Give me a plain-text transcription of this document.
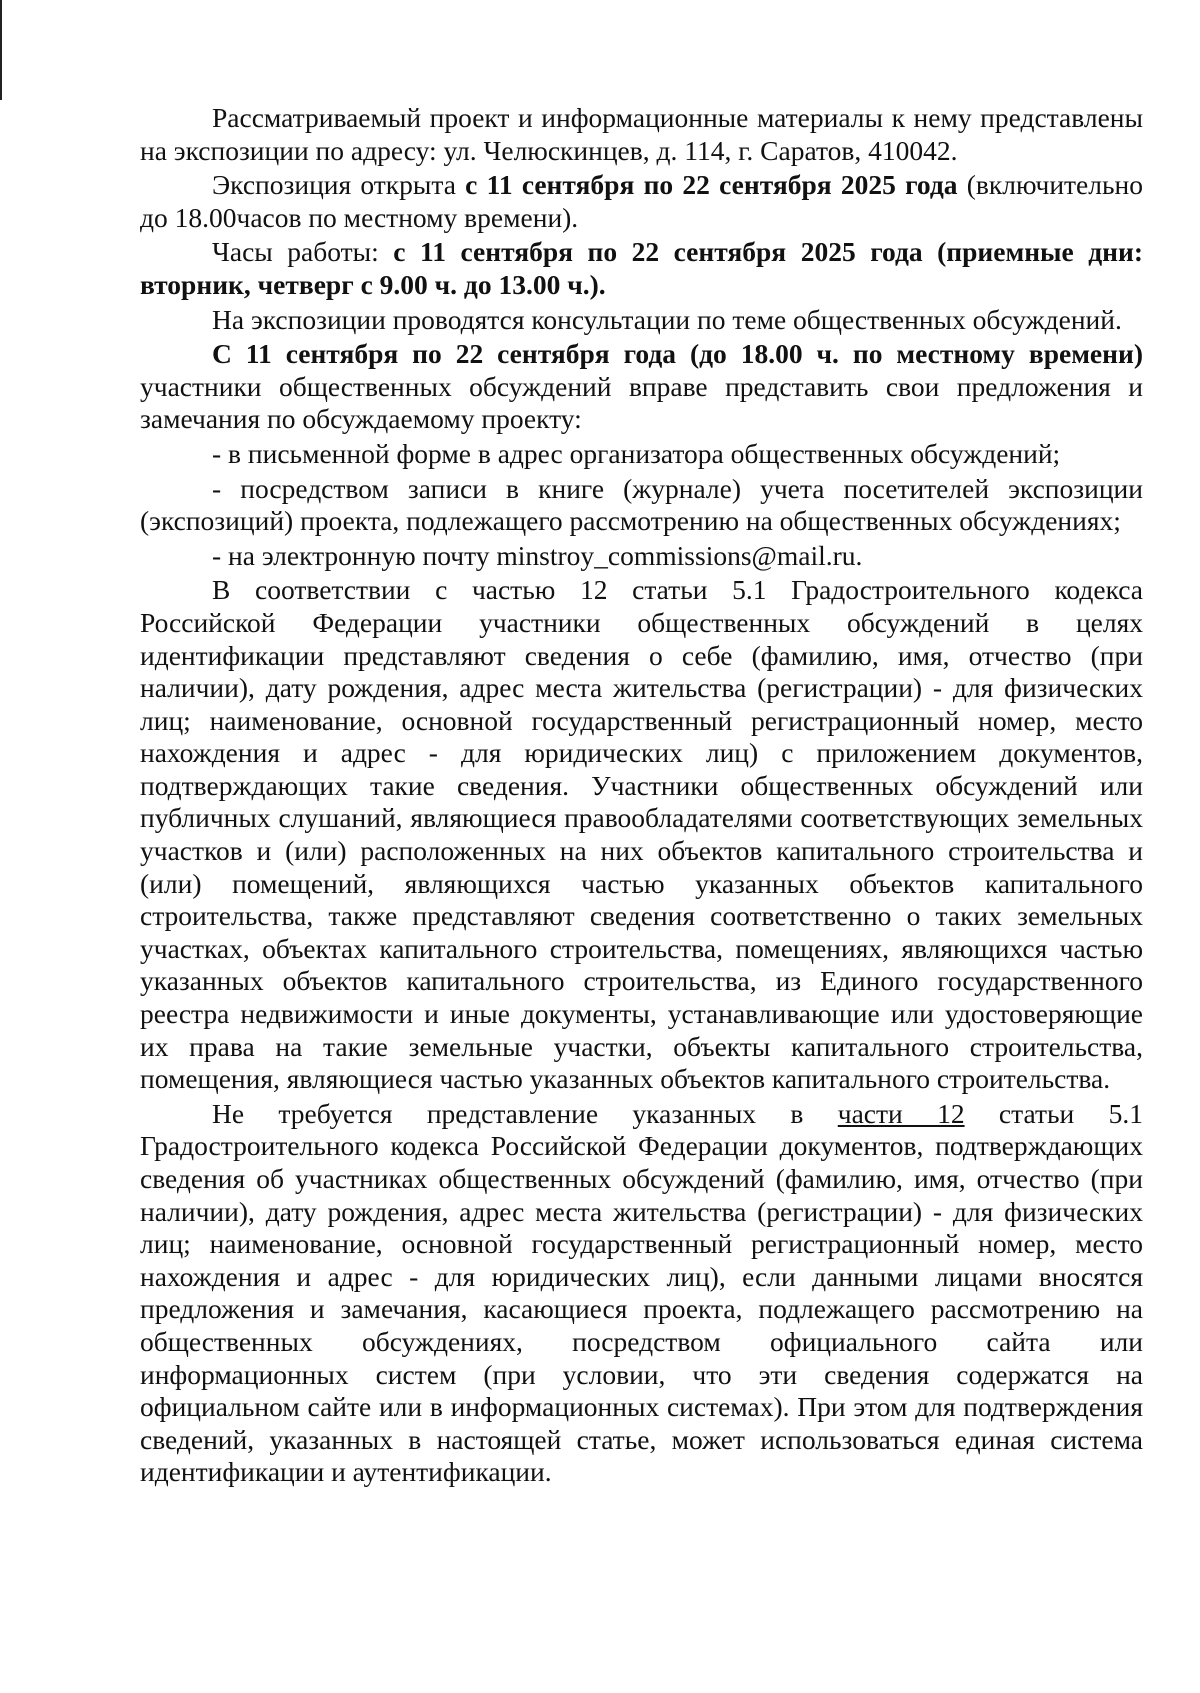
Рассматриваемый проект и информационные материалы к нему представлены на экспозиции по адресу: ул. Челюскинцев, д. 114, г. Саратов, 410042.

Экспозиция открыта с 11 сентября по 22 сентября 2025 года (включительно до 18.00часов по местному времени).

Часы работы: с 11 сентября по 22 сентября 2025 года (приемные дни: вторник, четверг с 9.00 ч. до 13.00 ч.).

На экспозиции проводятся консультации по теме общественных обсуждений.

С 11 сентября по 22 сентября года (до 18.00 ч. по местному времени) участники общественных обсуждений вправе представить свои предложения и замечания по обсуждаемому проекту:

- в письменной форме в адрес организатора общественных обсуждений;

- посредством записи в книге (журнале) учета посетителей экспозиции (экспозиций) проекта, подлежащего рассмотрению на общественных обсуждениях;

- на электронную почту minstroy_commissions@mail.ru.

В соответствии с частью 12 статьи 5.1 Градостроительного кодекса Российской Федерации участники общественных обсуждений в целях идентификации представляют сведения о себе (фамилию, имя, отчество (при наличии), дату рождения, адрес места жительства (регистрации) - для физических лиц; наименование, основной государственный регистрационный номер, место нахождения и адрес - для юридических лиц) с приложением документов, подтверждающих такие сведения. Участники общественных обсуждений или публичных слушаний, являющиеся правообладателями соответствующих земельных участков и (или) расположенных на них объектов капитального строительства и (или) помещений, являющихся частью указанных объектов капитального строительства, также представляют сведения соответственно о таких земельных участках, объектах капитального строительства, помещениях, являющихся частью указанных объектов капитального строительства, из Единого государственного реестра недвижимости и иные документы, устанавливающие или удостоверяющие их права на такие земельные участки, объекты капитального строительства, помещения, являющиеся частью указанных объектов капитального строительства.

Не требуется представление указанных в части 12 статьи 5.1 Градостроительного кодекса Российской Федерации документов, подтверждающих сведения об участниках общественных обсуждений (фамилию, имя, отчество (при наличии), дату рождения, адрес места жительства (регистрации) - для физических лиц; наименование, основной государственный регистрационный номер, место нахождения и адрес - для юридических лиц), если данными лицами вносятся предложения и замечания, касающиеся проекта, подлежащего рассмотрению на общественных обсуждениях, посредством официального сайта или информационных систем (при условии, что эти сведения содержатся на официальном сайте или в информационных системах). При этом для подтверждения сведений, указанных в настоящей статье, может использоваться единая система идентификации и аутентификации.
